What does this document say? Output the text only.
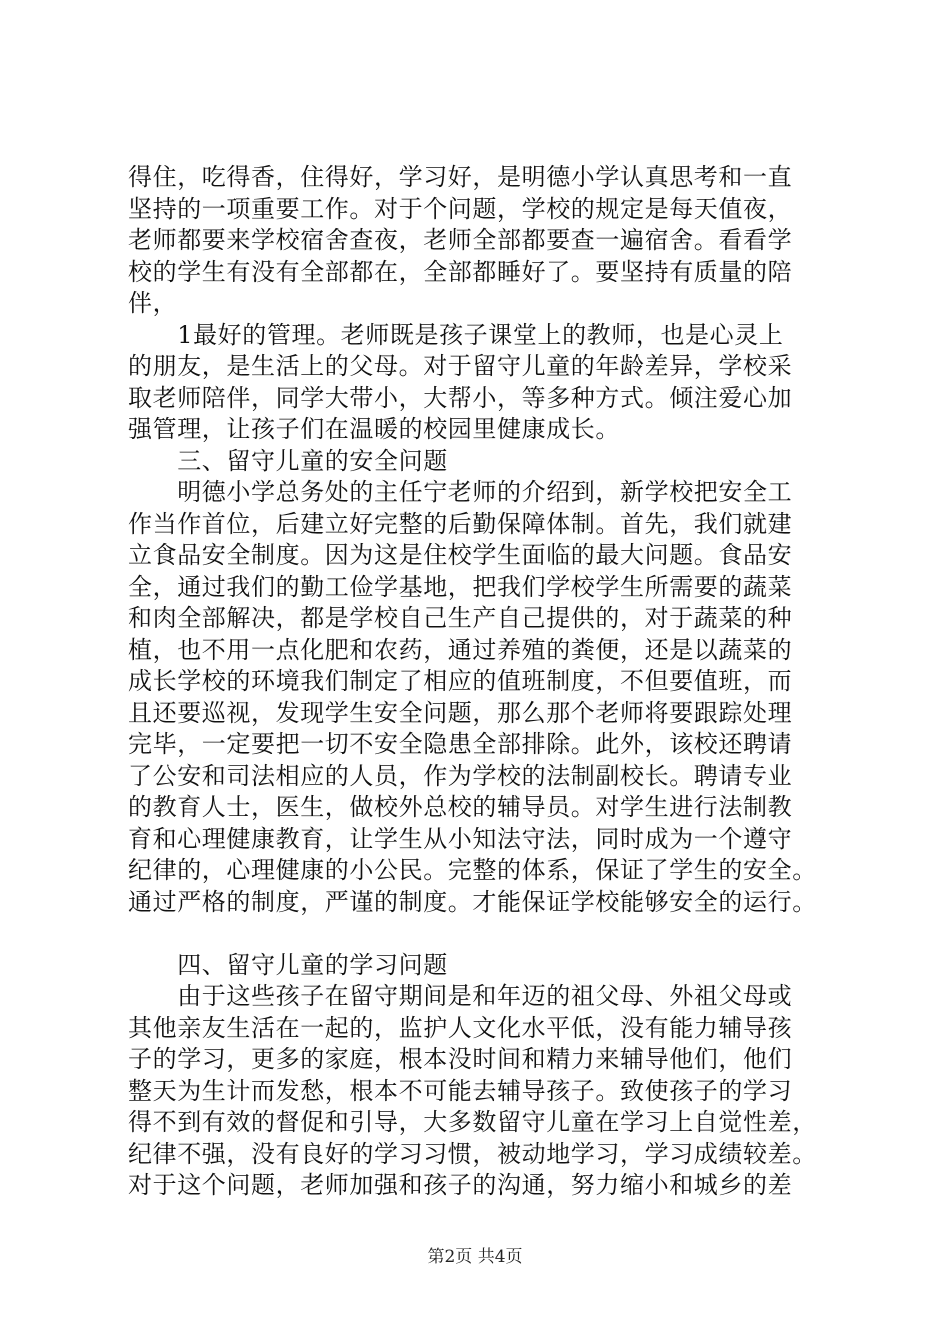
得住，吃得香，住得好，学习好，是明德小学认真思考和一直
坚持的一项重要工作。对于个问题，学校的规定是每天值夜，
老师都要来学校宿舍查夜，老师全部都要查一遍宿舍。看看学
校的学生有没有全部都在，全部都睡好了。要坚持有质量的陪
伴，
　　1最好的管理。老师既是孩子课堂上的教师，也是心灵上
的朋友，是生活上的父母。对于留守儿童的年龄差异，学校采
取老师陪伴，同学大带小，大帮小，等多种方式。倾注爱心加
强管理，让孩子们在温暖的校园里健康成长。
　　三、留守儿童的安全问题
　　明德小学总务处的主任宁老师的介绍到，新学校把安全工
作当作首位，后建立好完整的后勤保障体制。首先，我们就建
立食品安全制度。因为这是住校学生面临的最大问题。食品安
全，通过我们的勤工俭学基地，把我们学校学生所需要的蔬菜
和肉全部解决，都是学校自己生产自己提供的，对于蔬菜的种
植，也不用一点化肥和农药，通过养殖的粪便，还是以蔬菜的
成长学校的环境我们制定了相应的值班制度，不但要值班，而
且还要巡视，发现学生安全问题，那么那个老师将要跟踪处理
完毕，一定要把一切不安全隐患全部排除。此外，该校还聘请
了公安和司法相应的人员，作为学校的法制副校长。聘请专业
的教育人士，医生，做校外总校的辅导员。对学生进行法制教
育和心理健康教育，让学生从小知法守法，同时成为一个遵守
纪律的，心理健康的小公民。完整的体系，保证了学生的安全。
通过严格的制度，严谨的制度。才能保证学校能够安全的运行。
　　四、留守儿童的学习问题
　　由于这些孩子在留守期间是和年迈的祖父母、外祖父母或
其他亲友生活在一起的，监护人文化水平低，没有能力辅导孩
子的学习，更多的家庭，根本没时间和精力来辅导他们，他们
整天为生计而发愁，根本不可能去辅导孩子。致使孩子的学习
得不到有效的督促和引导，大多数留守儿童在学习上自觉性差，
纪律不强，没有良好的学习习惯，被动地学习，学习成绩较差。
对于这个问题，老师加强和孩子的沟通，努力缩小和城乡的差
第2页 共4页
